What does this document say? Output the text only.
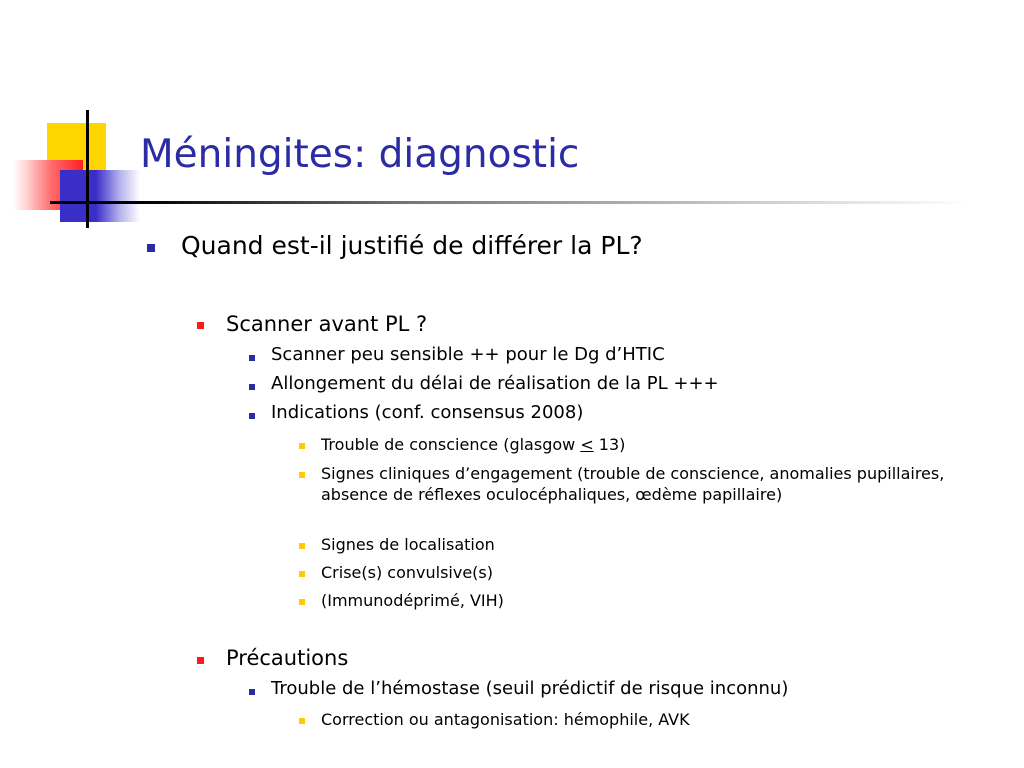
Méningites: diagnostic
Quand est-il justifié de différer la PL?
Scanner avant PL ?
Scanner peu sensible ++ pour le Dg d’HTIC
Allongement du délai de réalisation de la PL +++
Indications (conf. consensus 2008)
Trouble de conscience (glasgow < 13)
Signes cliniques d’engagement (trouble de conscience, anomalies pupillaires, absence de réflexes oculocéphaliques, œdème papillaire)
Signes de localisation
Crise(s) convulsive(s)
(Immunodéprimé, VIH)
Précautions
Trouble de l’hémostase (seuil prédictif de risque inconnu)
Correction ou antagonisation: hémophile, AVK
